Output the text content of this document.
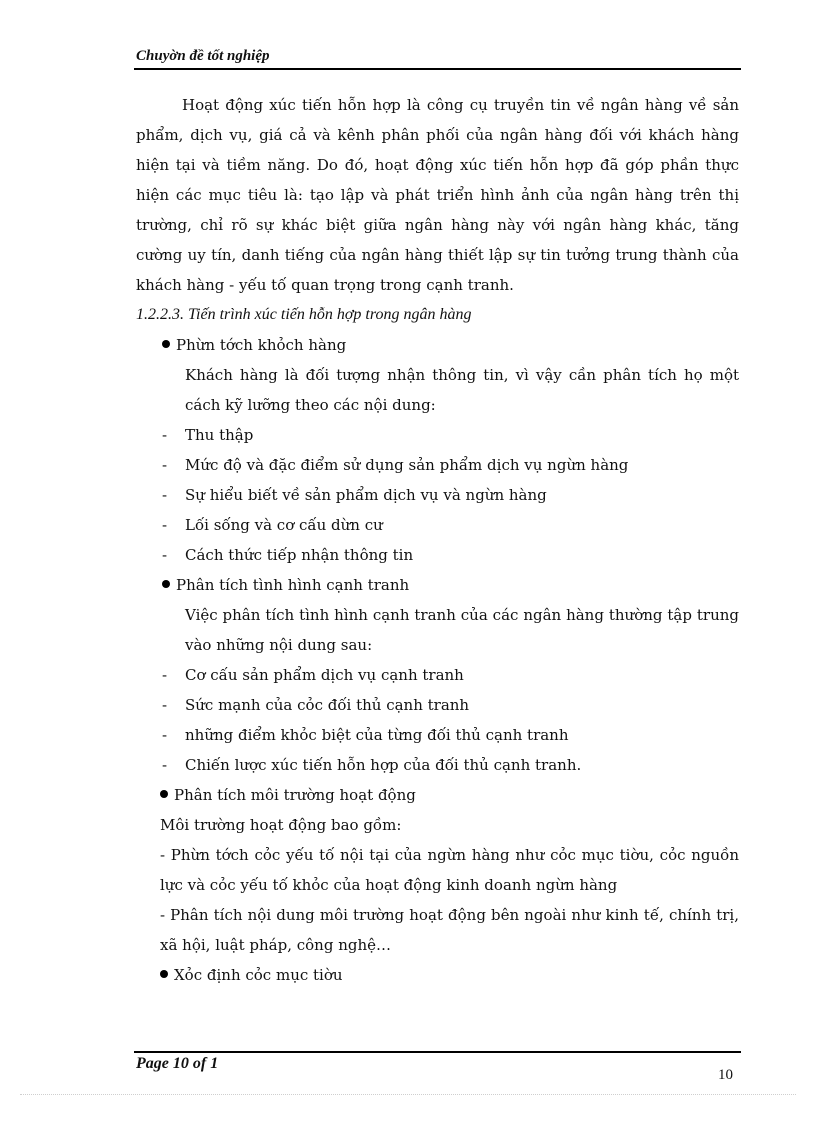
Chuyờn đề tốt nghiệp

Hoạt động xúc tiến hỗn hợp là công cụ truyền tin về ngân hàng về sản phẩm, dịch vụ, giá cả và kênh phân phối của ngân hàng đối với khách hàng hiện tại và tiềm năng. Do đó, hoạt động xúc tiến hỗn hợp đã góp phần thực hiện các mục tiêu là: tạo lập và phát triển hình ảnh của ngân hàng trên thị trường, chỉ rõ sự khác biệt giữa ngân hàng này với ngân hàng khác, tăng cường uy tín, danh tiếng của ngân hàng thiết lập sự tin tưởng trung thành của khách hàng - yếu tố quan trọng trong cạnh tranh.

1.2.2.3. Tiến trình xúc tiến hỗn hợp trong ngân hàng

Phừn tớch khỏch hàng

Khách hàng là đối tượng nhận thông tin, vì vậy cần phân tích họ một cách kỹ lưỡng theo các nội dung:

- Thu thập

- Mức độ và đặc điểm sử dụng sản phẩm dịch vụ ngừn hàng

- Sự hiểu biết về sản phẩm dịch vụ và ngừn hàng

- Lối sống và cơ cấu dừn cư

- Cách thức tiếp nhận thông tin

Phân tích tình hình cạnh tranh

Việc phân tích tình hình cạnh tranh của các ngân hàng thường tập trung vào những nội dung sau:

- Cơ cấu sản phẩm dịch vụ cạnh tranh

- Sức mạnh của cỏc đối thủ cạnh tranh

- những điểm khỏc biệt của từng đối thủ cạnh tranh

- Chiến lược xúc tiến hỗn hợp của đối thủ cạnh tranh.

Phân tích môi trường hoạt động

Môi trường hoạt động bao gồm:

- Phừn tớch cỏc yếu tố nội tại của ngừn hàng như cỏc mục tiờu, cỏc nguồn lực và cỏc yếu tố khỏc của hoạt động kinh doanh ngừn hàng

- Phân tích nội dung môi trường hoạt động bên ngoài như kinh tế, chính trị, xã hội, luật pháp, công nghệ…

Xỏc định cỏc mục tiờu

Page 10 of 1
10
